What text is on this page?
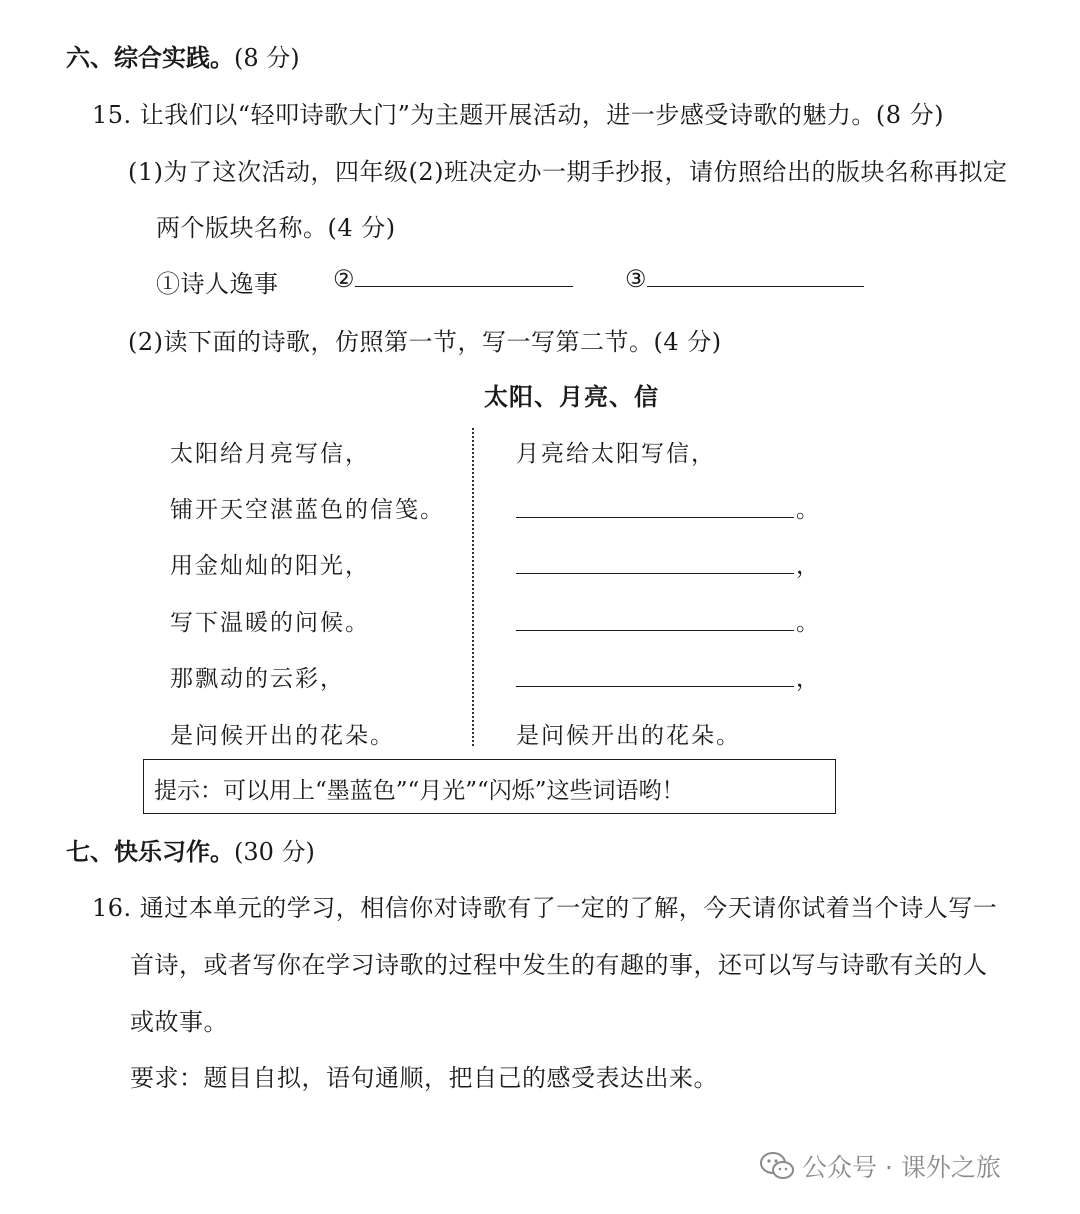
六、综合实践。(8 分)
15. 让我们以“轻叩诗歌大门”为主题开展活动，进一步感受诗歌的魅力。(8 分)
(1)为了这次活动，四年级(2)班决定办一期手抄报，请仿照给出的版块名称再拟定
两个版块名称。(4 分)
①诗人逸事 ②	③
(2)读下面的诗歌，仿照第一节，写一写第二节。(4 分)
太阳、月亮、信
太阳给月亮写信，
铺开天空湛蓝色的信笺。
用金灿灿的阳光，
写下温暖的问候。
那飘动的云彩，
是问候开出的花朵。
月亮给太阳写信，
。
，
。
，
是问候开出的花朵。
提示：可以用上“墨蓝色”“月光”“闪烁”这些词语哟！
七、快乐习作。(30 分)
16. 通过本单元的学习，相信你对诗歌有了一定的了解，今天请你试着当个诗人写一
首诗，或者写你在学习诗歌的过程中发生的有趣的事，还可以写与诗歌有关的人
或故事。
要求：题目自拟，语句通顺，把自己的感受表达出来。
公众号 · 课外之旅
